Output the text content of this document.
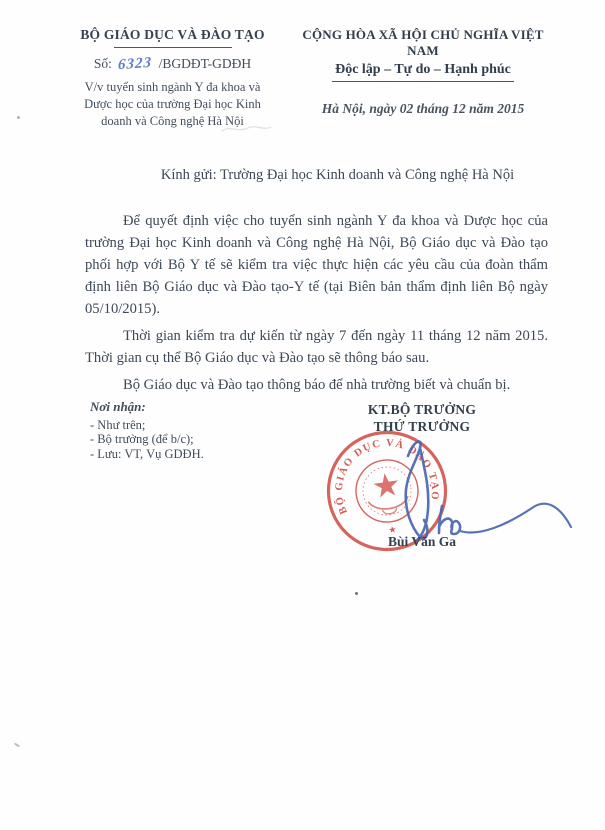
BỘ GIÁO DỤC VÀ ĐÀO TẠO
Số: 6323 /BGDĐT-GDĐH
V/v tuyển sinh ngành Y đa khoa và
Dược học của trường Đại học Kinh
doanh và Công nghệ Hà Nội
CỘNG HÒA XÃ HỘI CHỦ NGHĨA VIỆT NAM
Độc lập – Tự do – Hạnh phúc
Hà Nội, ngày 02 tháng 12 năm 2015
Kính gửi: Trường Đại học Kinh doanh và Công nghệ Hà Nội

Để quyết định việc cho tuyển sinh ngành Y đa khoa và Dược học của trường Đại học Kinh doanh và Công nghệ Hà Nội, Bộ Giáo dục và Đào tạo phối hợp với Bộ Y tế sẽ kiểm tra việc thực hiện các yêu cầu của đoàn thẩm định liên Bộ Giáo dục và Đào tạo-Y tế (tại Biên bản thẩm định liên Bộ ngày 05/10/2015).

Thời gian kiểm tra dự kiến từ ngày 7 đến ngày 11 tháng 12 năm 2015. Thời gian cụ thể Bộ Giáo dục và Đào tạo sẽ thông báo sau.

Bộ Giáo dục và Đào tạo thông báo để nhà trường biết và chuẩn bị.

Nơi nhận:
- Như trên;
- Bộ trưởng (để b/c);
- Lưu: VT, Vụ GDĐH.
KT.BỘ TRƯỞNG
THỨ TRƯỞNG
BỘ GIÁO DỤC VÀ ĐÀO TẠO
★
Bùi Văn Ga
